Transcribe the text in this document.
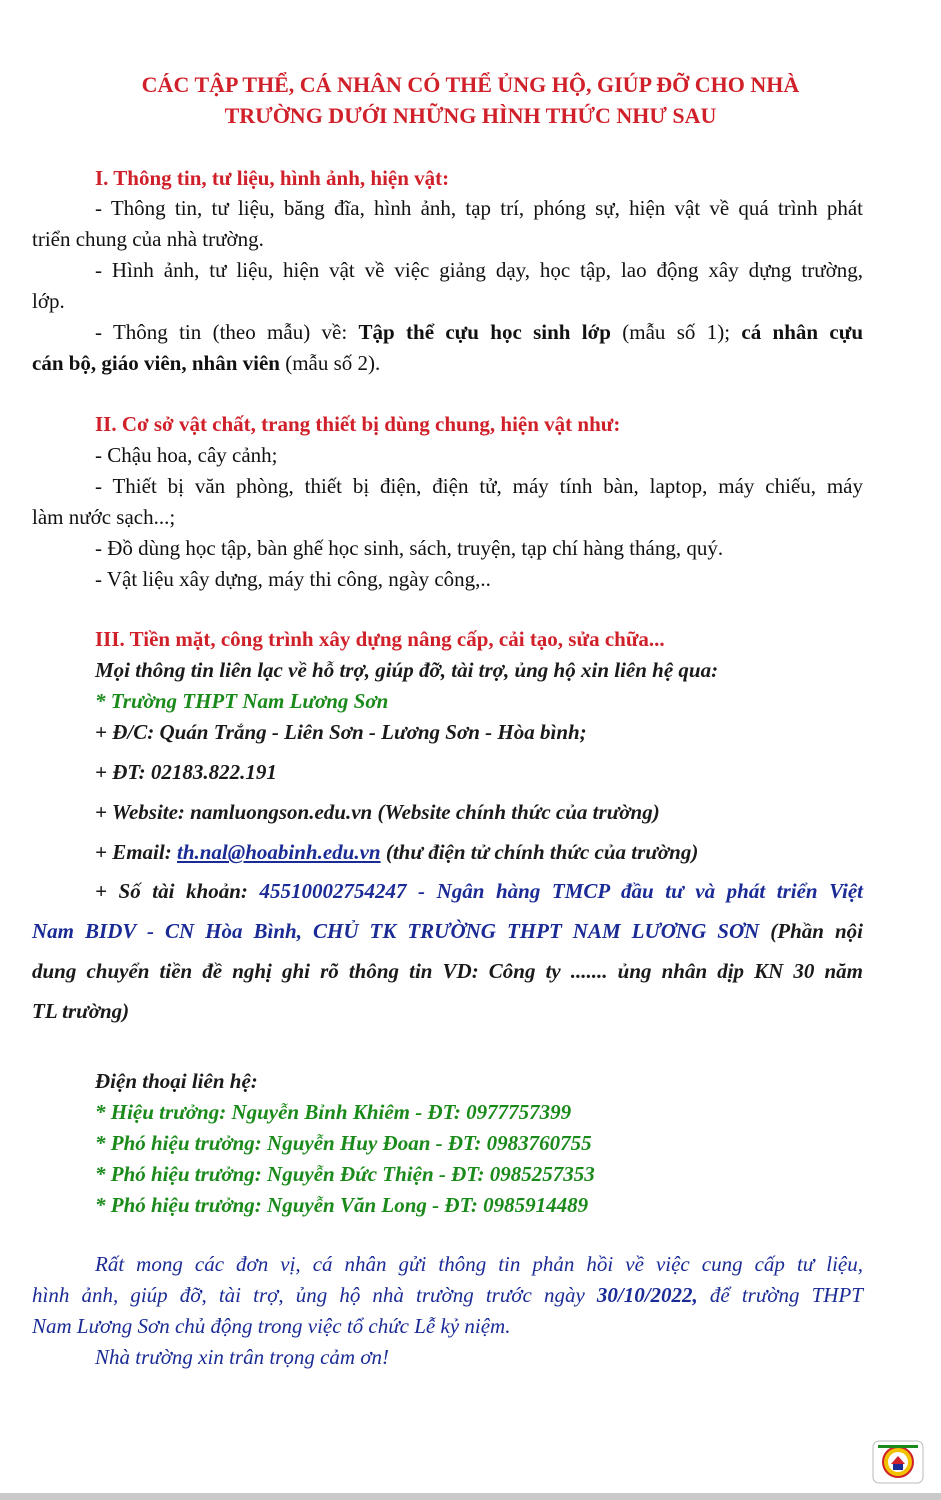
CÁC TẬP THỂ, CÁ NHÂN CÓ THỂ ỦNG HỘ, GIÚP ĐỠ CHO NHÀ
TRƯỜNG DƯỚI NHỮNG HÌNH THỨC NHƯ SAU
I. Thông tin, tư liệu, hình ảnh, hiện vật:
- Thông tin, tư liệu, băng đĩa, hình ảnh, tạp trí, phóng sự, hiện vật về quá trình phát
triển chung của nhà trường.
- Hình ảnh, tư liệu, hiện vật về việc giảng dạy, học tập, lao động xây dựng trường,
lớp.
- Thông tin (theo mẫu) về: Tập thể cựu học sinh lớp (mẫu số 1); cá nhân cựu
cán bộ, giáo viên, nhân viên (mẫu số 2).
II. Cơ sở vật chất, trang thiết bị dùng chung, hiện vật như:
- Chậu hoa, cây cảnh;
- Thiết bị văn phòng, thiết bị điện, điện tử, máy tính bàn, laptop, máy chiếu, máy
làm nước sạch...;
- Đồ dùng học tập, bàn ghế học sinh, sách, truyện, tạp chí hàng tháng, quý.
- Vật liệu xây dựng, máy thi công, ngày công,..
III. Tiền mặt, công trình xây dựng nâng cấp, cải tạo, sửa chữa...
Mọi thông tin liên lạc về hỗ trợ, giúp đỡ, tài trợ, ủng hộ xin liên hệ qua:
* Trường THPT Nam Lương Sơn
+ Đ/C: Quán Trắng - Liên Sơn - Lương Sơn - Hòa bình;
+ ĐT: 02183.822.191
+ Website: namluongson.edu.vn (Website chính thức của trường)
+ Email: th.nal@hoabinh.edu.vn (thư điện tử chính thức của trường)
+ Số tài khoản: 45510002754247 - Ngân hàng TMCP đầu tư và phát triển Việt
Nam BIDV - CN Hòa Bình, CHỦ TK TRƯỜNG THPT NAM LƯƠNG SƠN (Phần nội
dung chuyển tiền đề nghị ghi rõ thông tin VD: Công ty ....... ủng nhân dịp KN 30 năm
TL trường)
Điện thoại liên hệ:
* Hiệu trưởng: Nguyễn Bỉnh Khiêm - ĐT: 0977757399
* Phó hiệu trưởng: Nguyễn Huy Đoan - ĐT: 0983760755
* Phó hiệu trưởng: Nguyễn Đức Thiện - ĐT: 0985257353
* Phó hiệu trưởng: Nguyễn Văn Long - ĐT: 0985914489
Rất mong các đơn vị, cá nhân gửi thông tin phản hồi về việc cung cấp tư liệu,
hình ảnh, giúp đỡ, tài trợ, ủng hộ nhà trường trước ngày 30/10/2022, để trường THPT
Nam Lương Sơn chủ động trong việc tổ chức Lễ kỷ niệm.
Nhà trường xin trân trọng cảm ơn!
